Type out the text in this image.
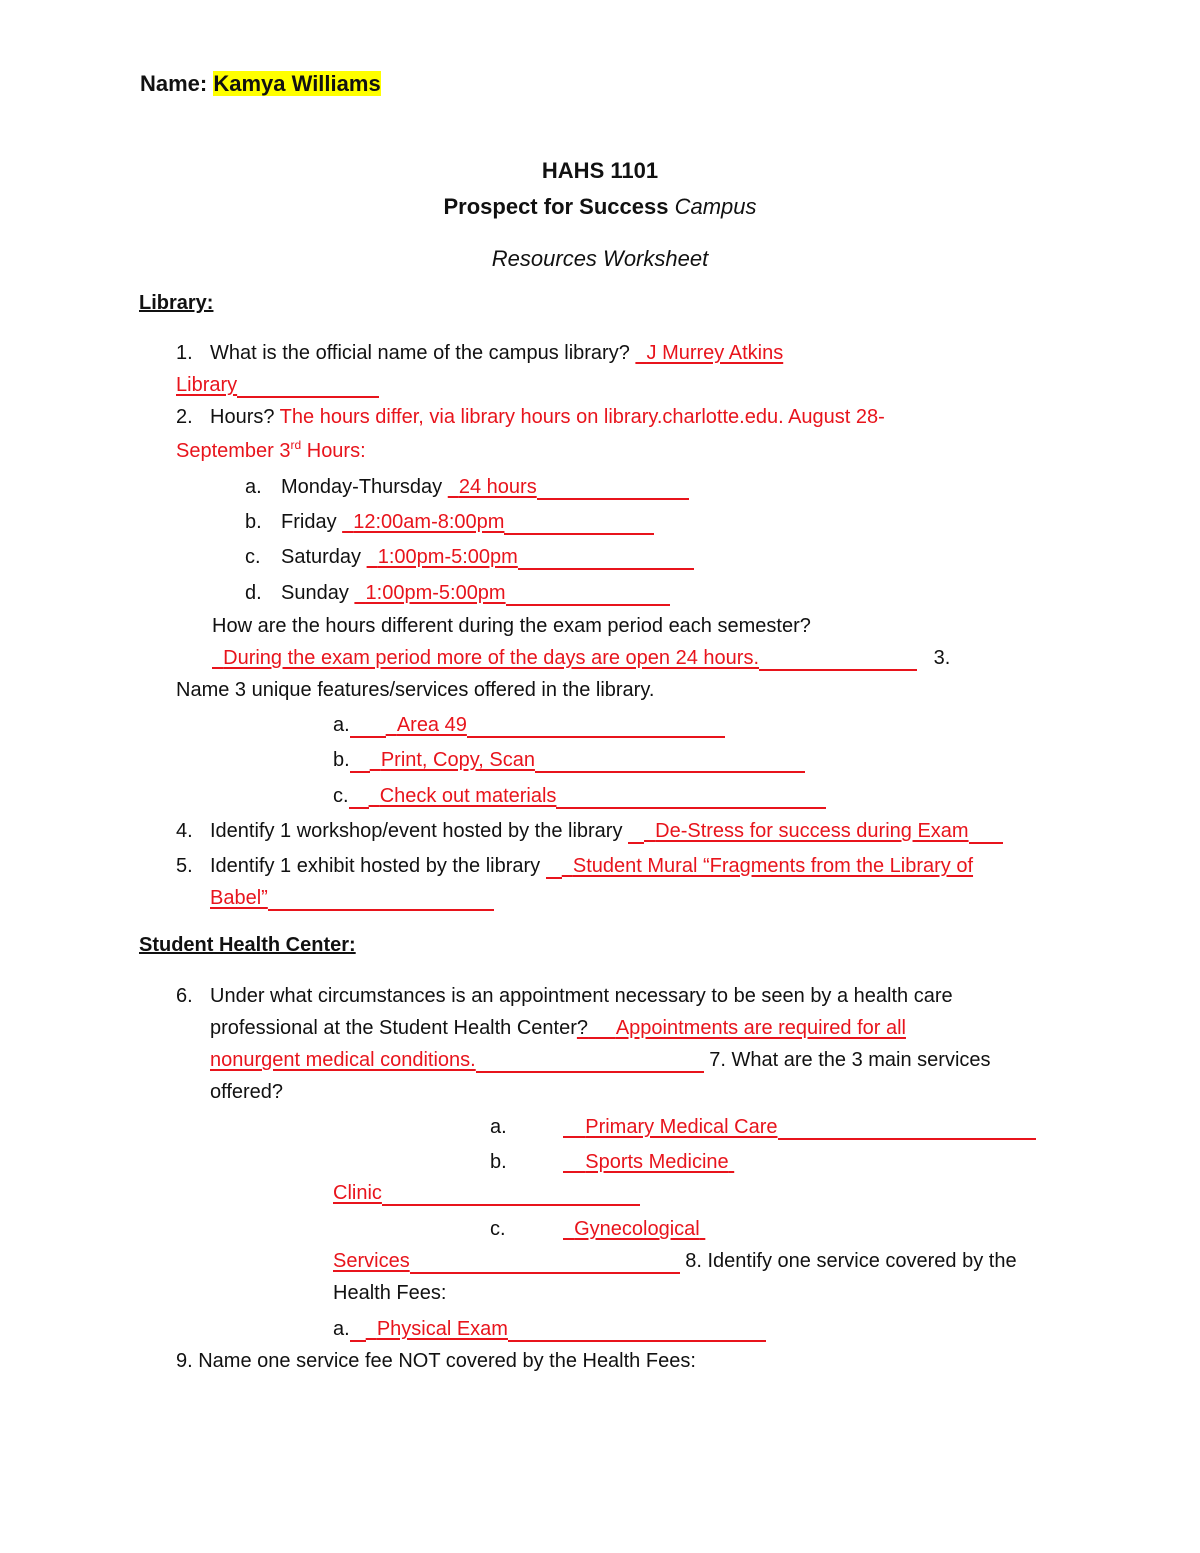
Name: Kamya Williams
HAHS 1101
Prospect for Success Campus
Resources Worksheet
Library:
1. What is the official name of the campus library?   J Murrey Atkins
Library
2. Hours? The hours differ, via library hours on library.charlotte.edu. August 28-
September 3rd Hours:
a. Monday-Thursday   24 hours
b. Friday   12:00am-8:00pm
c. Saturday   1:00pm-5:00pm
d. Sunday   1:00pm-5:00pm
How are the hours different during the exam period each semester?
During the exam period more of the days are open 24 hours.	3.
Name 3 unique features/services offered in the library.
a. Area 49
b. Print, Copy, Scan
c. Check out materials
4. Identify 1 workshop/event hosted by the library   De-Stress for success during Exam
5. Identify 1 exhibit hosted by the library   Student Mural “Fragments from the Library of
Babel”
Student Health Center:
6. Under what circumstances is an appointment necessary to be seen by a health care
professional at the Student Health Center? Appointments are required for all
nonurgent medical conditions.	7. What are the 3 main services
offered?
a.	Primary Medical Care
b.	Sports Medicine
Clinic
c.	Gynecological
Services	8. Identify one service covered by the
Health Fees:
a. Physical Exam
9. Name one service fee NOT covered by the Health Fees:
